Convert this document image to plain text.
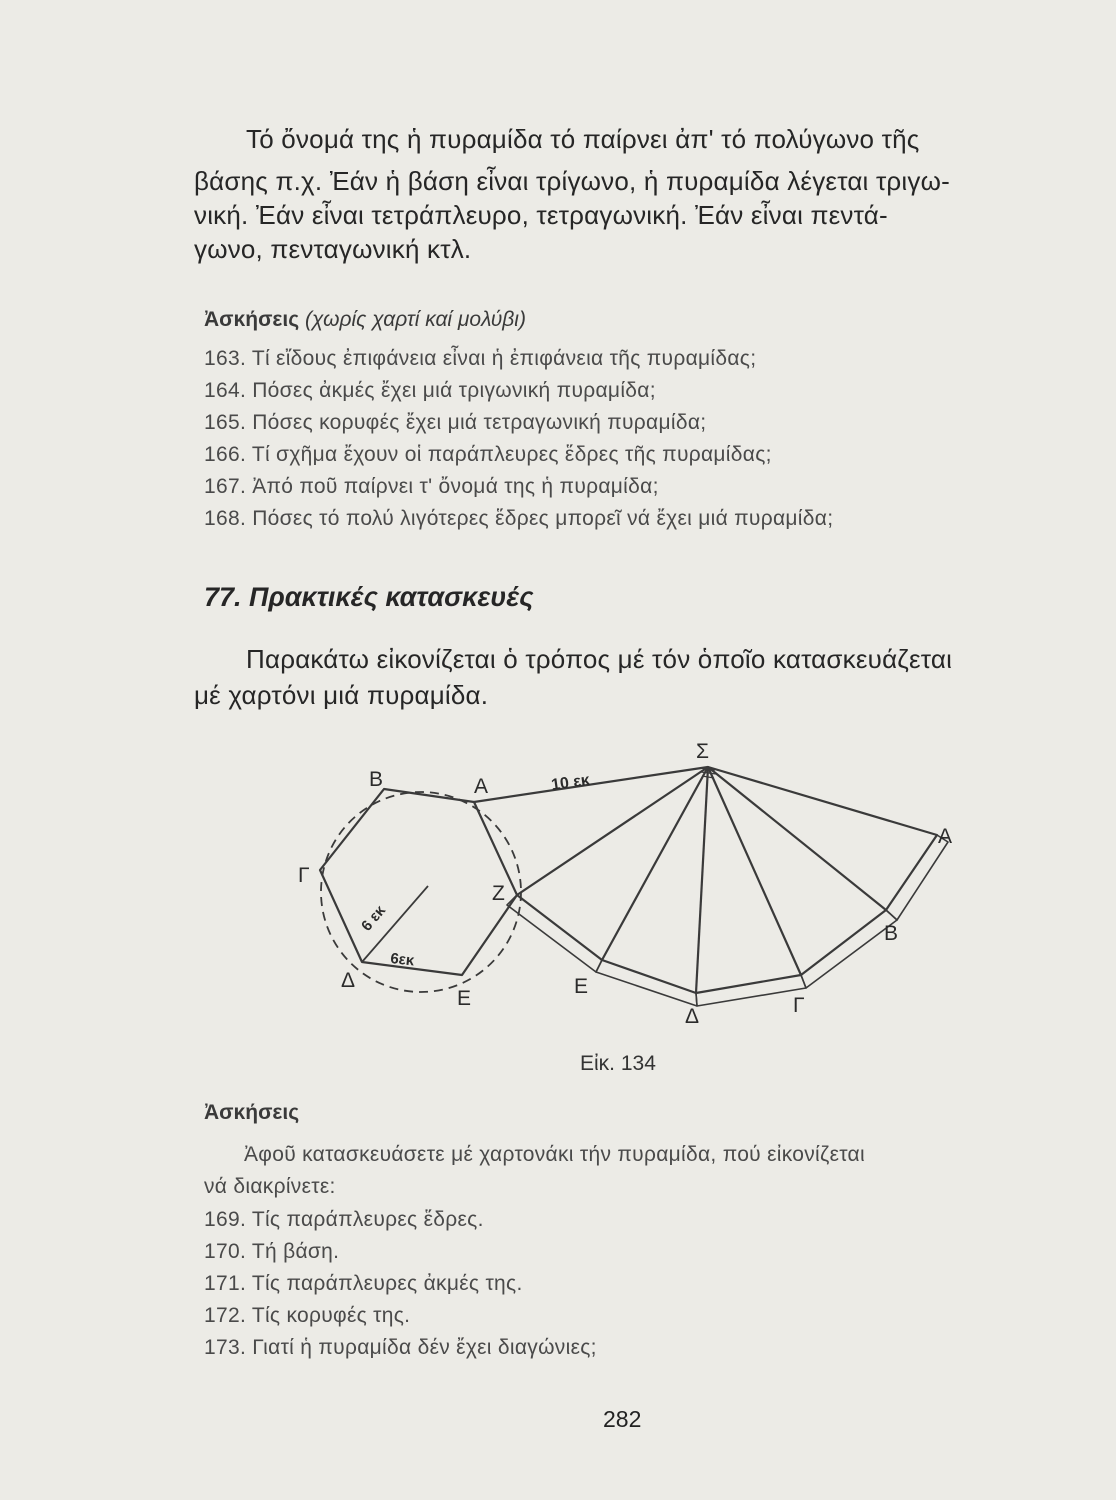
Τό ὄνομά της ἡ πυραμίδα τό παίρνει ἀπ' τό πολύγωνο τῆς
βάσης π.χ. Ἐάν ἡ βάση εἶναι τρίγωνο, ἡ πυραμίδα λέγεται τριγω-
νική. Ἐάν εἶναι τετράπλευρο, τετραγωνική. Ἐάν εἶναι πεντά-
γωνο, πενταγωνική κτλ.
Ἀσκήσεις (χωρίς χαρτί καί μολύβι)
163. Τί εἴδους ἐπιφάνεια εἶναι ἡ ἐπιφάνεια τῆς πυραμίδας;
164. Πόσες ἀκμές ἔχει μιά τριγωνική πυραμίδα;
165. Πόσες κορυφές ἔχει μιά τετραγωνική πυραμίδα;
166. Τί σχῆμα ἔχουν οἱ παράπλευρες ἕδρες τῆς πυραμίδας;
167. Ἀπό ποῦ παίρνει τ' ὄνομά της ἡ πυραμίδα;
168. Πόσες τό πολύ λιγότερες ἕδρες μπορεῖ νά ἔχει μιά πυραμίδα;
77. Πρακτικές κατασκευές
Παρακάτω εἰκονίζεται ὁ τρόπος μέ τόν ὁποῖο κατασκευάζεται
μέ χαρτόνι μιά πυραμίδα.
Σ
Α
Β
Γ
Δ
Ε
Ζ
Ε
Δ	Γ
Β
Α
10 εκ
6 εκ
6εκ
Εἰκ. 134
Ἀσκήσεις
Ἀφοῦ κατασκευάσετε μέ χαρτονάκι τήν πυραμίδα, πού εἰκονίζεται
νά διακρίνετε:
169. Τίς παράπλευρες ἕδρες.
170. Τή βάση.
171. Τίς παράπλευρες ἀκμές της.
172. Τίς κορυφές της.
173. Γιατί ἡ πυραμίδα δέν ἔχει διαγώνιες;
282
